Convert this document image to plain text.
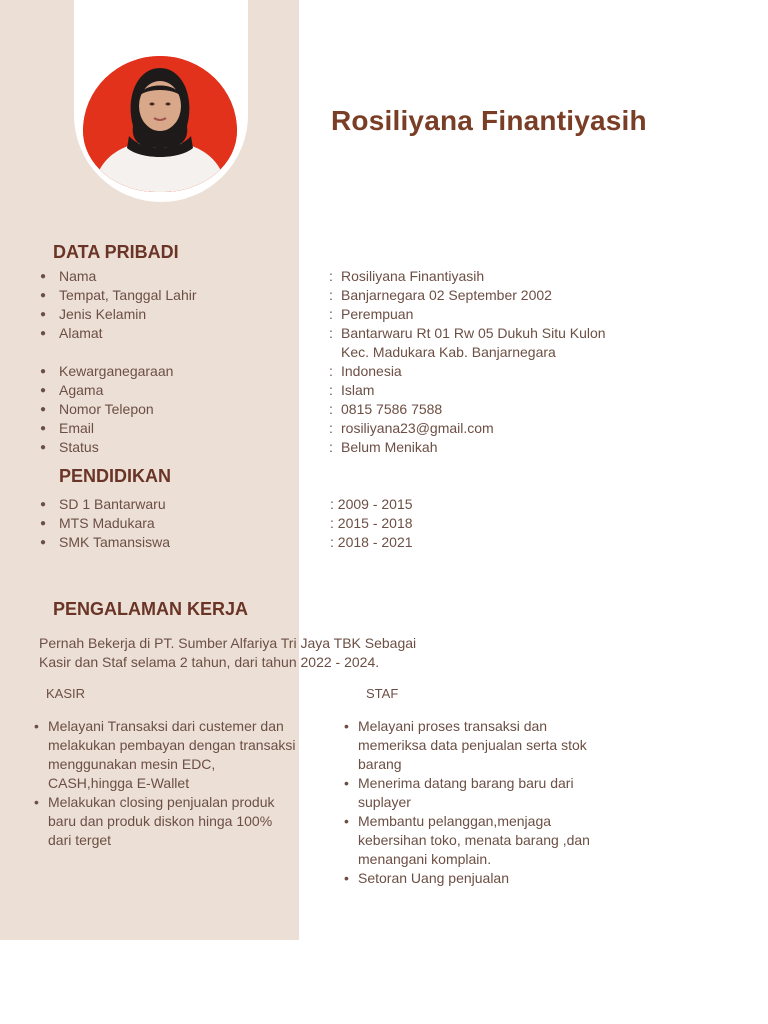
Rosiliyana Finantiyasih
DATA PRIBADI
● Nama	: Rosiliyana Finantiyasih
● Tempat, Tanggal Lahir	: Banjarnegara 02 September 2002
● Jenis Kelamin	: Perempuan
● Alamat	: Bantarwaru Rt 01 Rw 05 Dukuh Situ Kulon
Kec. Madukara Kab. Banjarnegara
● Kewarganegaraan	: Indonesia
● Agama	: Islam
● Nomor Telepon	: 0815 7586 7588
● Email	: rosiliyana23@gmail.com
● Status	: Belum Menikah
PENDIDIKAN
● SD 1 Bantarwaru	: 2009 - 2015
● MTS Madukara	: 2015 - 2018
● SMK Tamansiswa	: 2018 - 2021
PENGALAMAN KERJA

Pernah Bekerja di PT. Sumber Alfariya Tri Jaya TBK Sebagai

Kasir dan Staf selama 2 tahun, dari tahun 2022 - 2024.

KASIR	STAF
• Melayani Transaksi dari custemer dan melakukan pembayan dengan transaksi menggunakan mesin EDC, CASH,hingga E-Wallet
• Melakukan closing penjualan produk baru dan produk diskon hinga 100% dari terget
• Melayani proses transaksi dan memeriksa data penjualan serta stok barang
• Menerima datang barang baru dari suplayer
• Membantu pelanggan,menjaga kebersihan toko, menata barang ,dan menangani komplain.
• Setoran Uang penjualan
